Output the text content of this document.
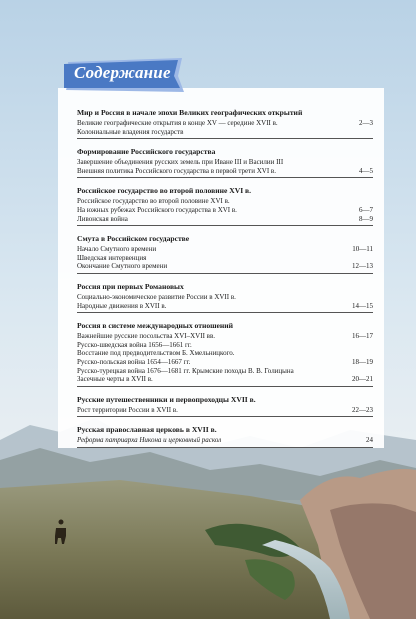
Содержание
Мир и Россия в начале эпохи Великих географических открытий
Великие географические открытия в конце XV — середине XVII в.	2—3
Колониальные владения государств
Формирование Российского государства
Завершение объединения русских земель при Иване III и Василии III
Внешняя политика Российского государства в первой трети XVI в.	4—5
Российское государство во второй половине XVI в.
Российское государство во второй половине XVI в.
На южных рубежах Российского государства в XVI в.	6—7
Ливонская война	8—9
Смута в Российском государстве
Начало Смутного времени	10—11
Шведская интервенция
Окончание Смутного времени	12—13
Россия при первых Романовых
Социально-экономическое развитие России в XVII в.
Народные движения в XVII в.	14—15
Россия в системе международных отношений
Важнейшие русские посольства XVI–XVII вв.	16—17
Русско-шведская война 1656—1661 гг.
Восстание под предводительством Б. Хмельницкого.
Русско-польская война 1654—1667 гг.	18—19
Русско-турецкая война 1676—1681 гг. Крымские походы В. В. Голицына
Засечные черты в XVII в.	20—21
Русские путешественники и первопроходцы XVII в.
Рост территории России в XVII в.	22—23
Русская православная церковь в XVII в.
Реформа патриарха Никона и церковный раскол	24
